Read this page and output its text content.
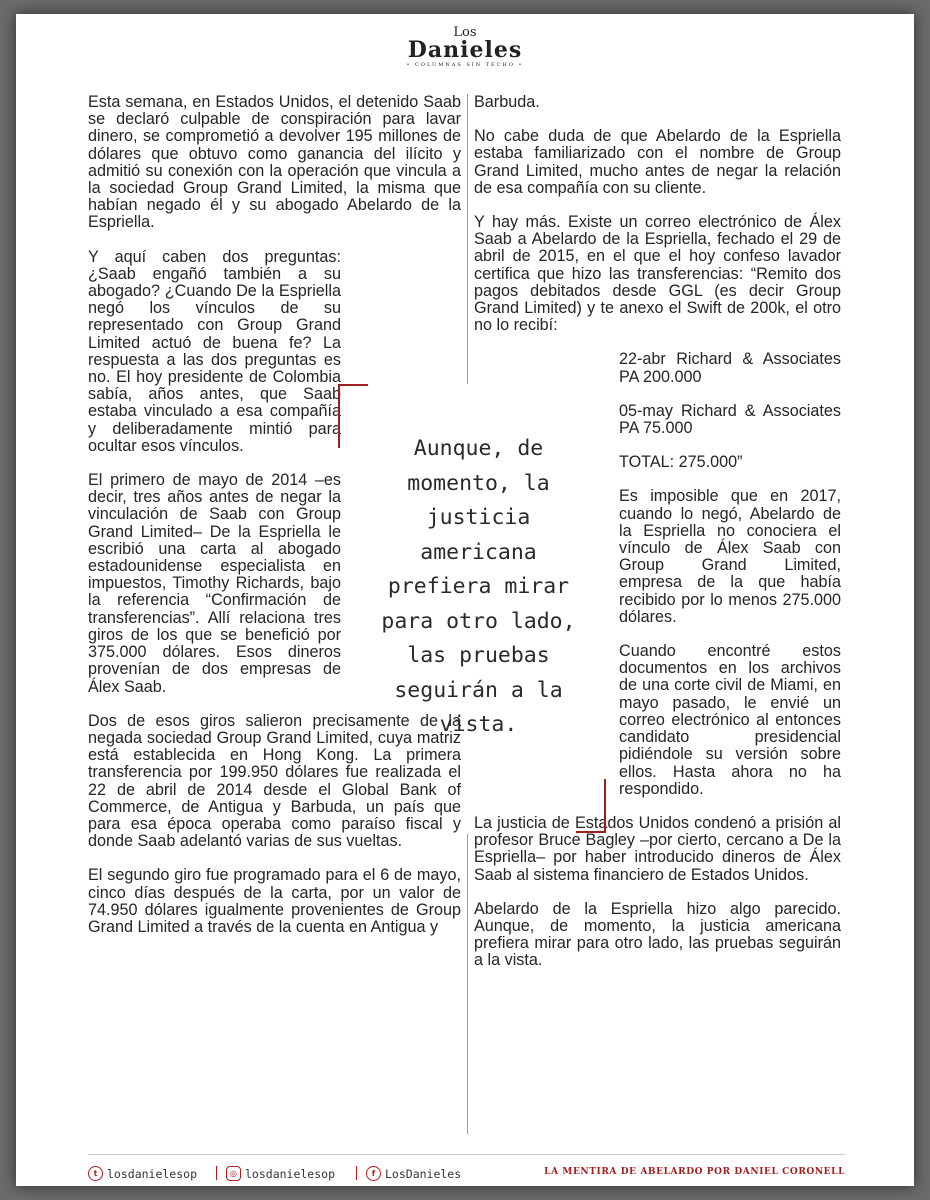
Los
Danieles
• COLUMNAS SIN TECHO •

Esta semana, en Estados Unidos, el detenido Saab se declaró culpable de conspiración para lavar dinero, se comprometió a devolver 195 millones de dólares que obtuvo como ganancia del ilícito y admitió su conexión con la operación que vincula a la sociedad Group Grand Limited, la misma que habían negado él y su abogado Abelardo de la Espriella.

Y aquí caben dos preguntas: ¿Saab engañó también a su abogado? ¿Cuando De la Espriella negó los vínculos de su representado con Group Grand Limited actuó de buena fe? La respuesta a las dos preguntas es no. El hoy presidente de Colombia sabía, años antes, que Saab estaba vinculado a esa compañía y deliberadamente mintió para ocultar esos vínculos.

El primero de mayo de 2014 –es decir, tres años antes de negar la vinculación de Saab con Group Grand Limited– De la Espriella le escribió una carta al abogado estadounidense especialista en impuestos, Timothy Richards, bajo la referencia “Confirmación de transferencias”. Allí relaciona tres giros de los que se benefició por 375.000 dólares. Esos dineros provenían de dos empresas de Álex Saab.

Dos de esos giros salieron precisamente de la negada sociedad Group Grand Limited, cuya matriz está establecida en Hong Kong. La primera transferencia por 199.950 dólares fue realizada el 22 de abril de 2014 desde el Global Bank of Commerce, de Antigua y Barbuda, un país que para esa época operaba como paraíso fiscal y donde Saab adelantó varias de sus vueltas.

El segundo giro fue programado para el 6 de mayo, cinco días después de la carta, por un valor de 74.950 dólares igualmente provenientes de Group Grand Limited a través de la cuenta en Antigua y

Barbuda.

No cabe duda de que Abelardo de la Espriella estaba familiarizado con el nombre de Group Grand Limited, mucho antes de negar la relación de esa compañía con su cliente.

Y hay más. Existe un correo electrónico de Álex Saab a Abelardo de la Espriella, fechado el 29 de abril de 2015, en el que el hoy confeso lavador certifica que hizo las transferencias: “Remito dos pagos debitados desde GGL (es decir Group Grand Limited) y te anexo el Swift de 200k, el otro no lo recibí:

22-abr Richard & Associates PA 200.000

05-may Richard & Associates PA 75.000

TOTAL: 275.000”

Es imposible que en 2017, cuando lo negó, Abelardo de la Espriella no conociera el vínculo de Álex Saab con Group Grand Limited, empresa de la que había recibido por lo menos 275.000 dólares.

Cuando encontré estos documentos en los archivos de una corte civil de Miami, en mayo pasado, le envié un correo electrónico al entonces candidato presidencial pidiéndole su versión sobre ellos. Hasta ahora no ha respondido.

La justicia de Estados Unidos condenó a prisión al profesor Bruce Bagley –por cierto, cercano a De la Espriella– por haber introducido dineros de Álex Saab al sistema financiero de Estados Unidos.

Abelardo de la Espriella hizo algo parecido. Aunque, de momento, la justicia americana prefiera mirar para otro lado, las pruebas seguirán a la vista.

Aunque, de momento, la justicia americana prefiera mirar para otro lado, las pruebas seguirán a la vista.
t losdanielesop	◎ losdanielesop	f LosDanieles	LA MENTIRA DE ABELARDO POR DANIEL CORONELL
